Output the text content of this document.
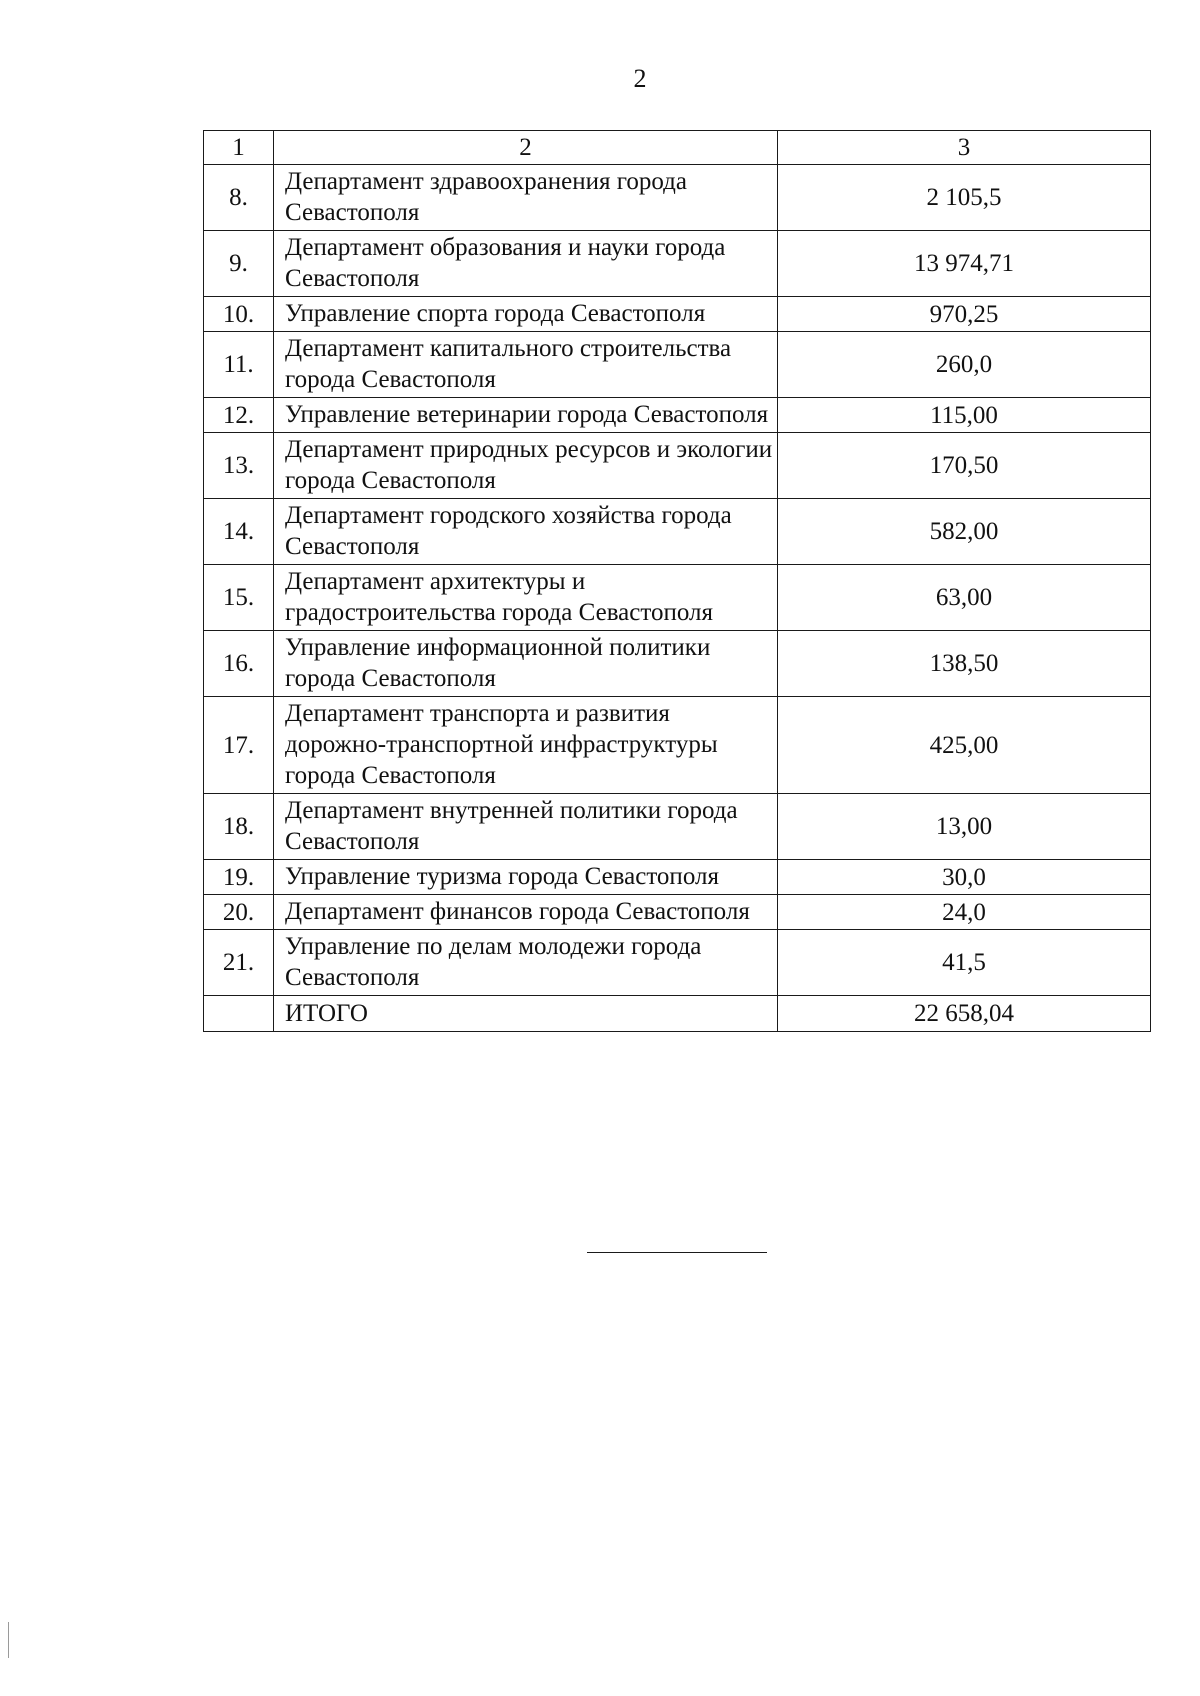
2
1	2	3
8.	Департамент здравоохранения города Севастополя	2 105,5
9.	Департамент образования и науки города Севастополя	13 974,71
10.	Управление спорта города Севастополя	970,25
11.	Департамент капитального строительства города Севастополя	260,0
12.	Управление ветеринарии города Севастополя	115,00
13.	Департамент природных ресурсов и экологии города Севастополя	170,50
14.	Департамент городского хозяйства города Севастополя	582,00
15.	Департамент архитектуры и градостроительства города Севастополя	63,00
16.	Управление информационной политики города Севастополя	138,50
17.	Департамент транспорта и развития дорожно-транспортной инфраструктуры города Севастополя	425,00
18.	Департамент внутренней политики города Севастополя	13,00
19.	Управление туризма города Севастополя	30,0
20.	Департамент финансов города Севастополя	24,0
21.	Управление по делам молодежи города Севастополя	41,5
	ИТОГО	22 658,04
